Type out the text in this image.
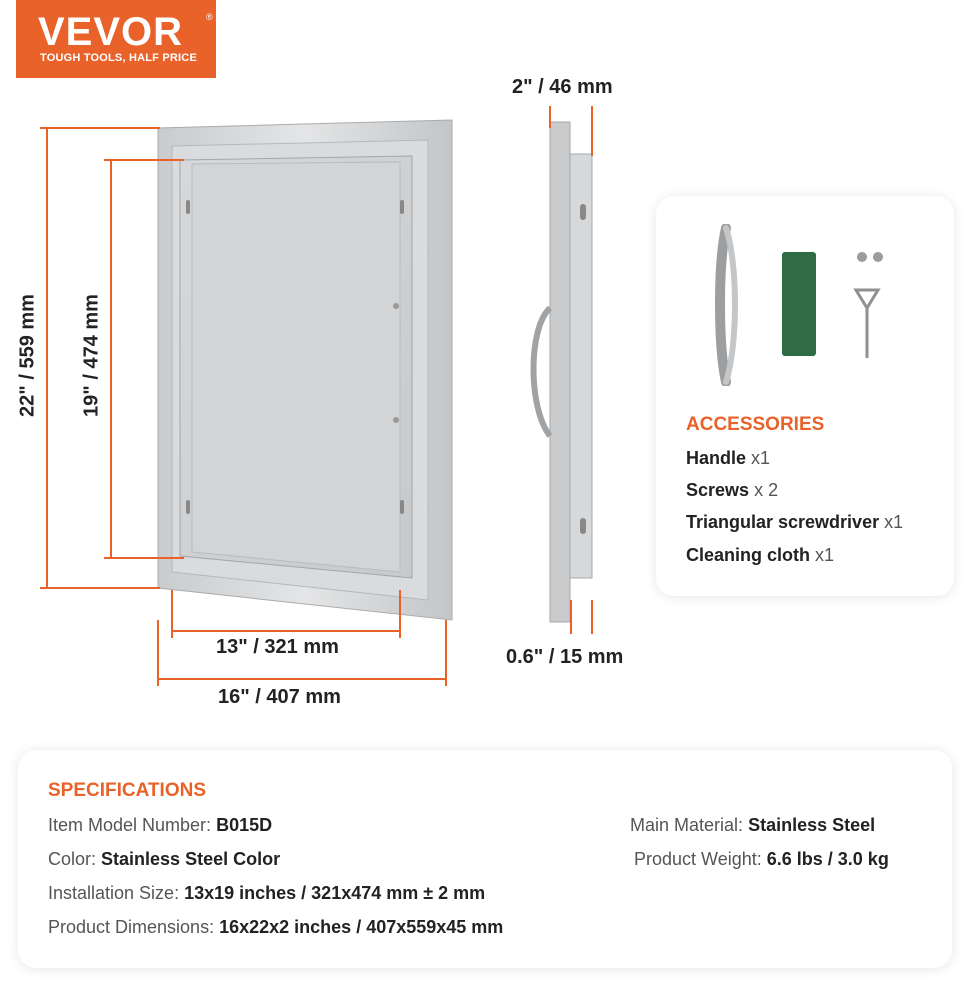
VEVOR	®
TOUGH TOOLS, HALF PRICE
22" / 559 mm 19" / 474 mm
13" / 321 mm
16" / 407 mm
2" / 46 mm
0.6" / 15 mm
ACCESSORIES
Handle x1
Screws x 2
Triangular screwdriver x1
Cleaning cloth x1
SPECIFICATIONS
Item Model Number: B015D
Color: Stainless Steel Color
Installation Size: 13x19 inches / 321x474 mm ± 2 mm
Product Dimensions: 16x22x2 inches / 407x559x45 mm
Main Material: Stainless Steel
Product Weight: 6.6 lbs / 3.0 kg
